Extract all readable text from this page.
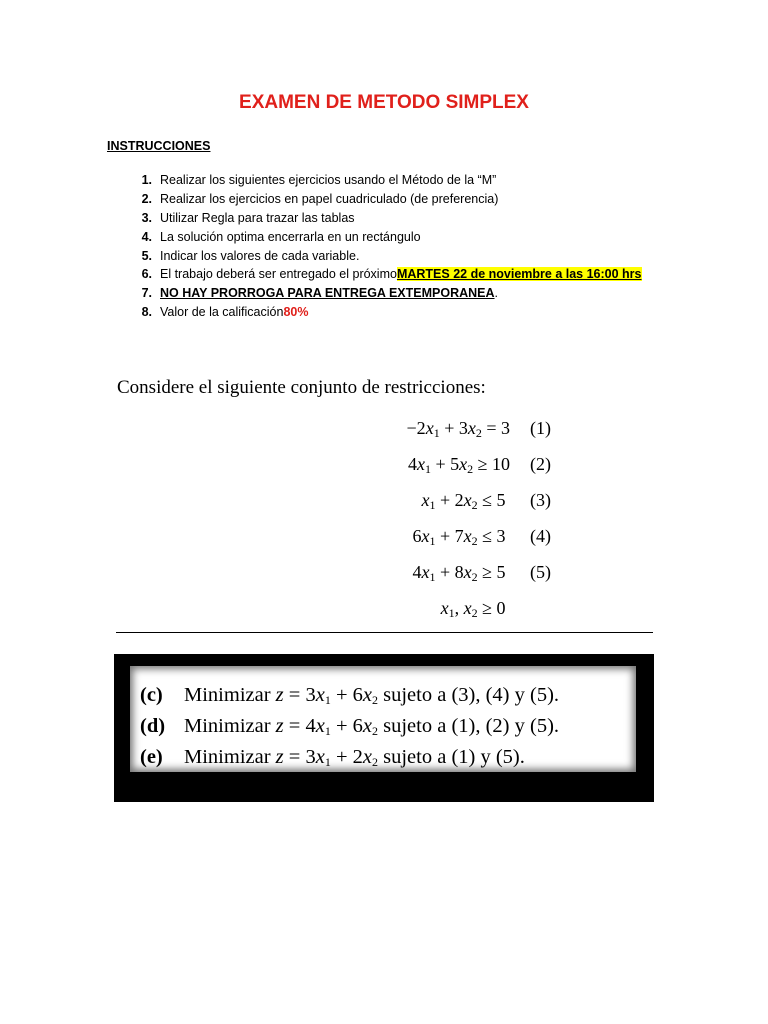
EXAMEN DE METODO SIMPLEX
INSTRUCCIONES
1. Realizar los siguientes ejercicios usando el Método de la “M”
2. Realizar los ejercicios en papel cuadriculado (de preferencia)
3. Utilizar Regla para trazar las tablas
4. La solución optima encerrarla en un rectángulo
5. Indicar los valores de cada variable.
6. El trabajo deberá ser entregado el próximoMARTES 22 de noviembre a las 16:00 hrs
7. NO HAY PRORROGA PARA ENTREGA EXTEMPORANEA.
8. Valor de la calificación80%
Considere el siguiente conjunto de restricciones:
$-2x_1 + 3x_2 = 3$ (1)
$4x_1 + 5x_2 \ge 10$ (2)
$x_1 + 2x_2 \le 5$ (3)
$6x_1 + 7x_2 \le 3$ (4)
$4x_1 + 8x_2 \ge 5$ (5)
$x_1$, $x_2 \ge 0$
(c) Minimizar $z = 3x_1 + 6x_2$ sujeto a (3), (4) y (5).
(d) Minimizar $z = 4x_1 + 6x_2$ sujeto a (1), (2) y (5).
(e) Minimizar $z = 3x_1 + 2x_2$ sujeto a (1) y (5).
